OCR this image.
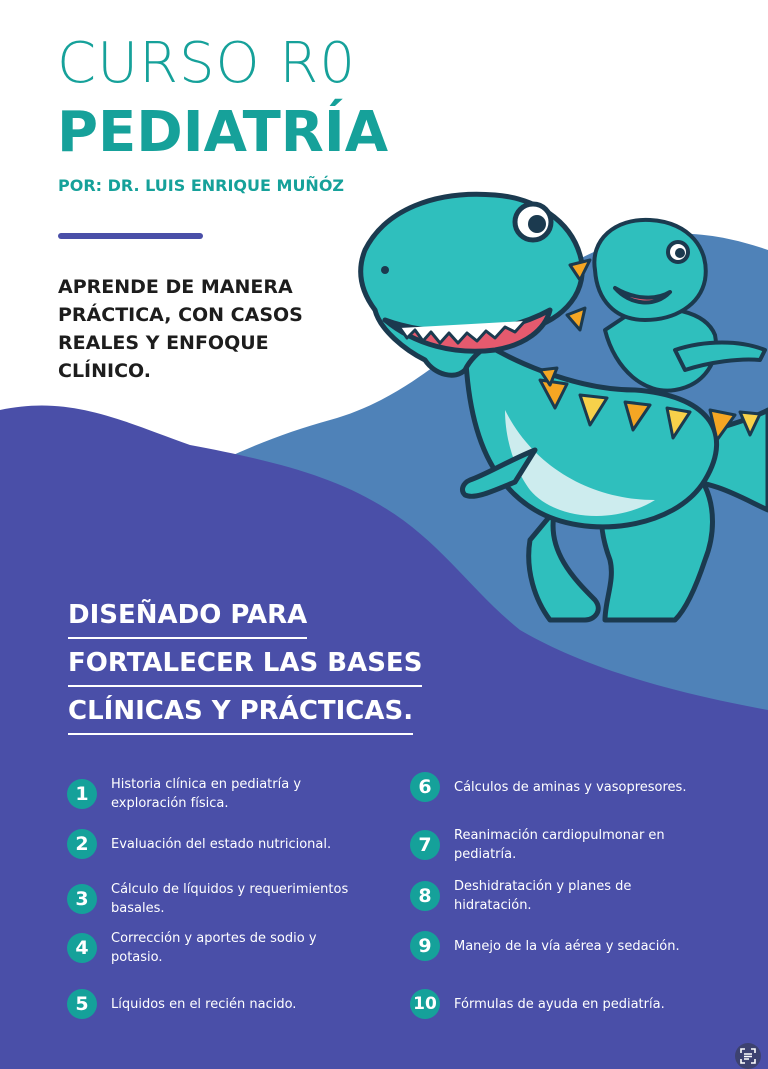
CURSO R0
PEDIATRÍA
POR: DR. LUIS ENRIQUE MUÑÓZ
APRENDE DE MANERA
PRÁCTICA, CON CASOS
REALES Y ENFOQUE
CLÍNICO.
DISEÑADO PARA
FORTALECER LAS BASES
CLÍNICAS Y PRÁCTICAS.
1	Historia clínica en pediatría y exploración física.
2	Evaluación del estado nutricional.
3	Cálculo de líquidos y requerimientos basales.
4	Corrección y aportes de sodio y potasio.
5	Líquidos en el recién nacido.
6	Cálculos de aminas y vasopresores.
7	Reanimación cardiopulmonar en pediatría.
8	Deshidratación y planes de hidratación.
9	Manejo de la vía aérea y sedación.
10 Fórmulas de ayuda en pediatría.
